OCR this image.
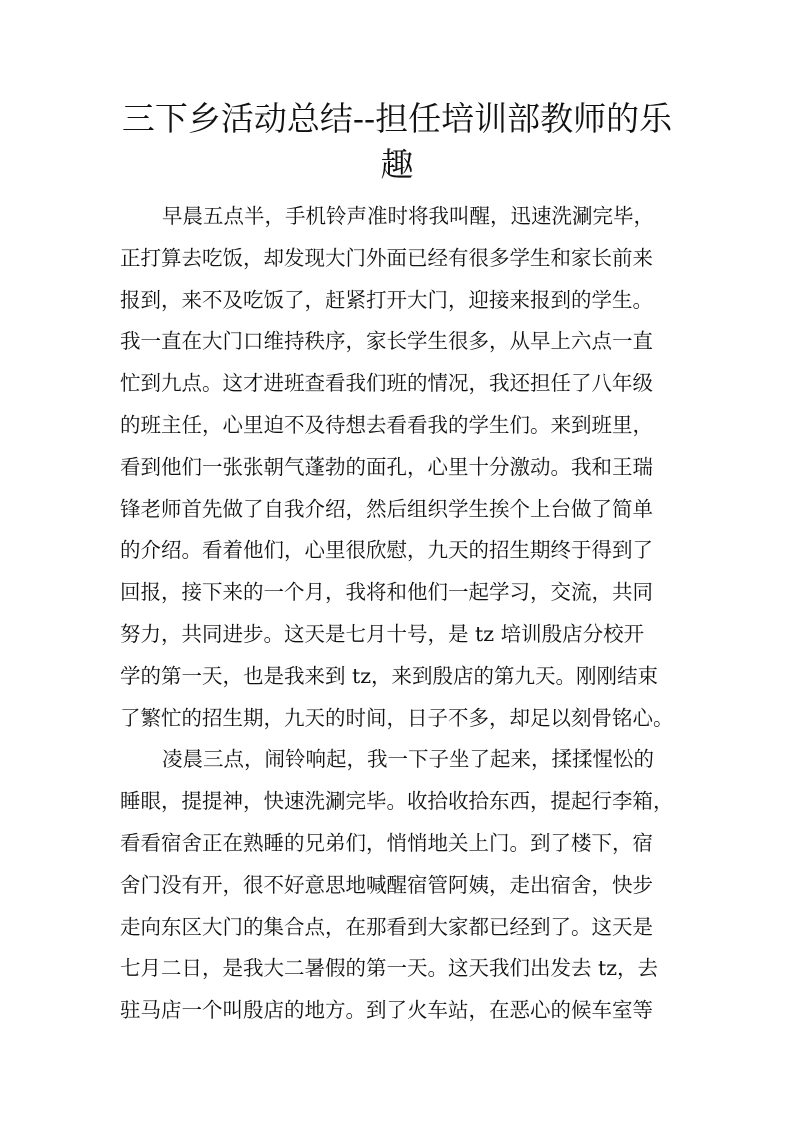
三下乡活动总结--担任培训部教师的乐
趣

早晨五点半，手机铃声准时将我叫醒，迅速洗涮完毕，

正打算去吃饭，却发现大门外面已经有很多学生和家长前来

报到，来不及吃饭了，赶紧打开大门，迎接来报到的学生。

我一直在大门口维持秩序，家长学生很多，从早上六点一直

忙到九点。这才进班查看我们班的情况，我还担任了八年级

的班主任，心里迫不及待想去看看我的学生们。来到班里，

看到他们一张张朝气蓬勃的面孔，心里十分激动。我和王瑞

锋老师首先做了自我介绍，然后组织学生挨个上台做了简单

的介绍。看着他们，心里很欣慰，九天的招生期终于得到了

回报，接下来的一个月，我将和他们一起学习，交流，共同

努力，共同进步。这天是七月十号，是 tz 培训殷店分校开

学的第一天，也是我来到 tz，来到殷店的第九天。刚刚结束

了繁忙的招生期，九天的时间，日子不多，却足以刻骨铭心。

凌晨三点，闹铃响起，我一下子坐了起来，揉揉惺忪的

睡眼，提提神，快速洗涮完毕。收拾收拾东西，提起行李箱，

看看宿舍正在熟睡的兄弟们，悄悄地关上门。到了楼下，宿

舍门没有开，很不好意思地喊醒宿管阿姨，走出宿舍，快步

走向东区大门的集合点，在那看到大家都已经到了。这天是

七月二日，是我大二暑假的第一天。这天我们出发去 tz，去

驻马店一个叫殷店的地方。到了火车站，在恶心的候车室等
